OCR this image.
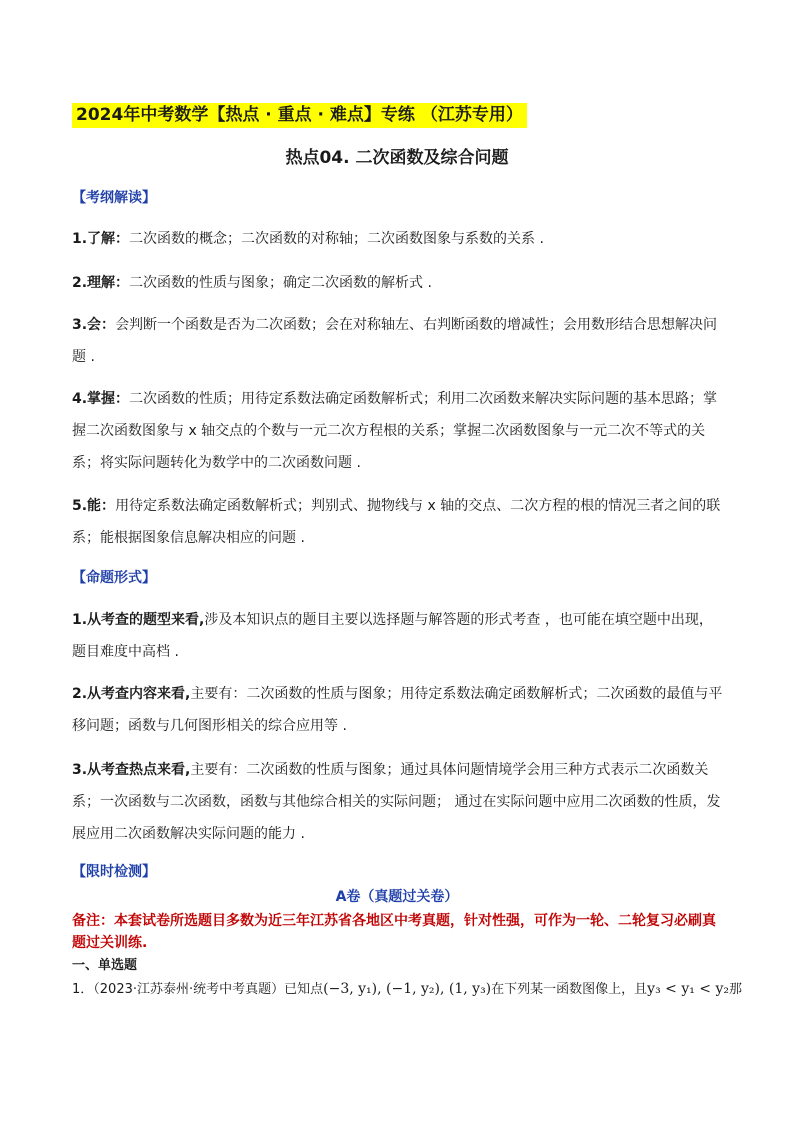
2024年中考数学【热点 · 重点 · 难点】专练 （江苏专用）
热点04. 二次函数及综合问题
【考纲解读】
1.了解：二次函数的概念；二次函数的对称轴；二次函数图象与系数的关系 .
2.理解：二次函数的性质与图象；确定二次函数的解析式 .
3.会：会判断一个函数是否为二次函数；会在对称轴左、右判断函数的增减性；会用数形结合思想解决问题 .
4.掌握：二次函数的性质；用待定系数法确定函数解析式；利用二次函数来解决实际问题的基本思路；掌握二次函数图象与 x 轴交点的个数与一元二次方程根的关系；掌握二次函数图象与一元二次不等式的关系；将实际问题转化为数学中的二次函数问题 .
5.能：用待定系数法确定函数解析式；判别式、抛物线与 x 轴的交点、二次方程的根的情况三者之间的联系；能根据图象信息解决相应的问题 .
【命题形式】
1.从考查的题型来看,涉及本知识点的题目主要以选择题与解答题的形式考查 ，也可能在填空题中出现，题目难度中高档 .
2.从考查内容来看,主要有：二次函数的性质与图象；用待定系数法确定函数解析式；二次函数的最值与平移问题；函数与几何图形相关的综合应用等 .
3.从考查热点来看,主要有：二次函数的性质与图象；通过具体问题情境学会用三种方式表示二次函数关系；一次函数与二次函数，函数与其他综合相关的实际问题； 通过在实际问题中应用二次函数的性质，发展应用二次函数解决实际问题的能力 .
【限时检测】
A卷（真题过关卷）
备注：本套试卷所选题目多数为近三年江苏省各地区中考真题，针对性强，可作为一轮、二轮复习必刷真题过关训练.
一、单选题
1．（2023·江苏泰州·统考中考真题）已知点(−3, y₁), (−1, y₂), (1, y₃)在下列某一函数图像上，且y₃ < y₁ < y₂那
